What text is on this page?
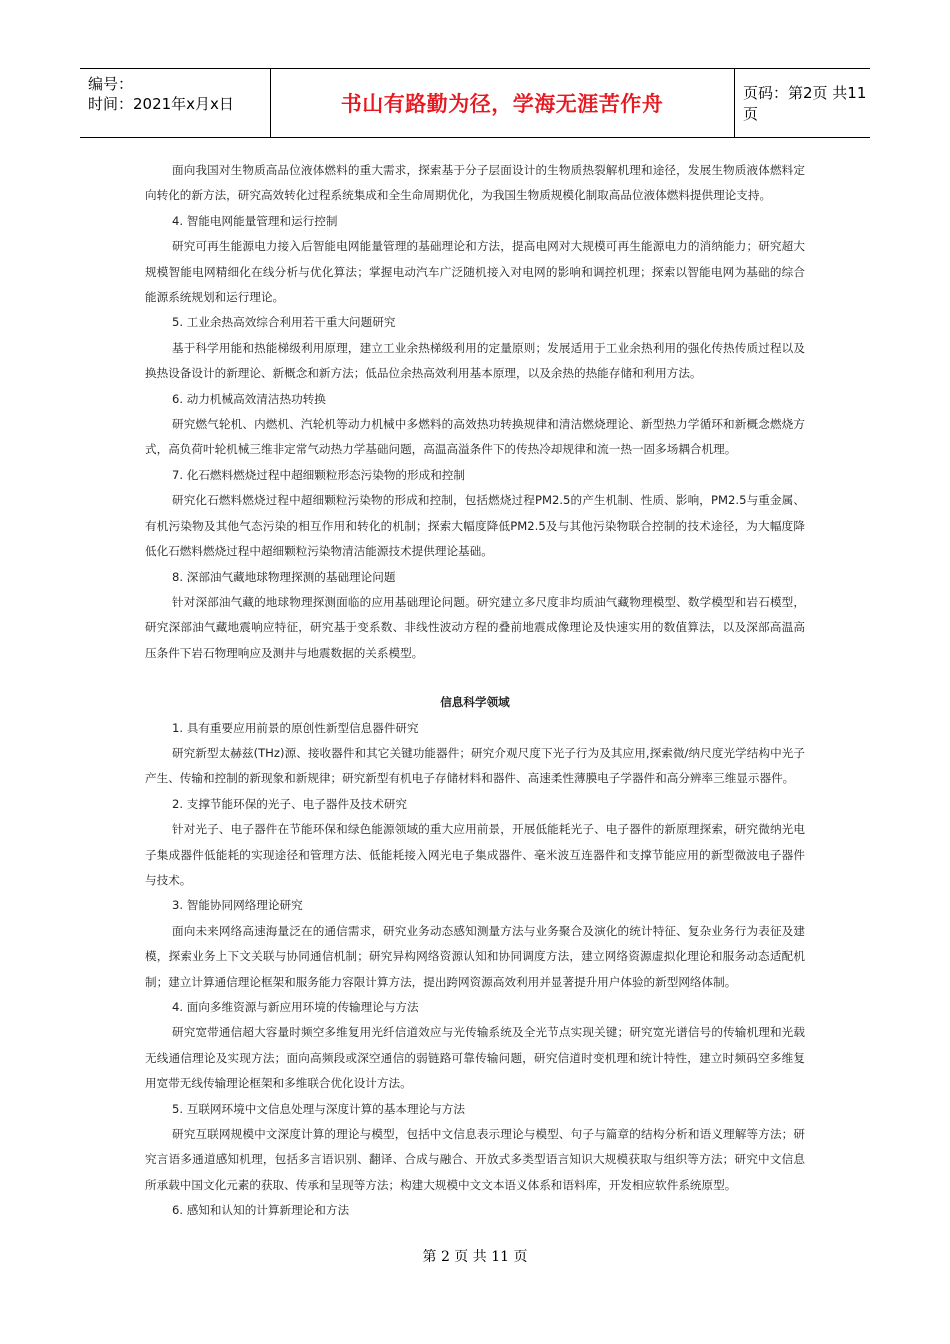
编号：
时间：2021年x月x日	书山有路勤为径，学海无涯苦作舟	页码：第2页 共11页
面向我国对生物质高品位液体燃料的重大需求，探索基于分子层面设计的生物质热裂解机理和途径，发展生物质液体燃料定向转化的新方法，研究高效转化过程系统集成和全生命周期优化，为我国生物质规模化制取高品位液体燃料提供理论支持。
4. 智能电网能量管理和运行控制
研究可再生能源电力接入后智能电网能量管理的基础理论和方法，提高电网对大规模可再生能源电力的消纳能力；研究超大规模智能电网精细化在线分析与优化算法；掌握电动汽车广泛随机接入对电网的影响和调控机理；探索以智能电网为基础的综合能源系统规划和运行理论。
5. 工业余热高效综合利用若干重大问题研究
基于科学用能和热能梯级利用原理，建立工业余热梯级利用的定量原则；发展适用于工业余热利用的强化传热传质过程以及换热设备设计的新理论、新概念和新方法；低品位余热高效利用基本原理，以及余热的热能存储和利用方法。
6. 动力机械高效清洁热功转换
研究燃气轮机、内燃机、汽轮机等动力机械中多燃料的高效热功转换规律和清洁燃烧理论、新型热力学循环和新概念燃烧方式，高负荷叶轮机械三维非定常气动热力学基础问题，高温高溢条件下的传热冷却规律和流一热一固多场耦合机理。
7. 化石燃料燃烧过程中超细颗粒形态污染物的形成和控制
研究化石燃料燃烧过程中超细颗粒污染物的形成和控制，包括燃烧过程PM2.5的产生机制、性质、影响，PM2.5与重金属、有机污染物及其他气态污染的相互作用和转化的机制；探索大幅度降低PM2.5及与其他污染物联合控制的技术途径，为大幅度降低化石燃料燃烧过程中超细颗粒污染物清洁能源技术提供理论基础。
8. 深部油气藏地球物理探测的基础理论问题
针对深部油气藏的地球物理探测面临的应用基础理论问题。研究建立多尺度非均质油气藏物理模型、数学模型和岩石模型，研究深部油气藏地震响应特征，研究基于变系数、非线性波动方程的叠前地震成像理论及快速实用的数值算法，以及深部高温高压条件下岩石物理响应及测井与地震数据的关系模型。
信息科学领域
1. 具有重要应用前景的原创性新型信息器件研究
研究新型太赫兹(THz)源、接收器件和其它关键功能器件；研究介观尺度下光子行为及其应用,探索微/纳尺度光学结构中光子产生、传输和控制的新现象和新规律；研究新型有机电子存储材料和器件、高速柔性薄膜电子学器件和高分辨率三维显示器件。
2. 支撑节能环保的光子、电子器件及技术研究
针对光子、电子器件在节能环保和绿色能源领域的重大应用前景，开展低能耗光子、电子器件的新原理探索，研究微纳光电子集成器件低能耗的实现途径和管理方法、低能耗接入网光电子集成器件、毫米波互连器件和支撑节能应用的新型微波电子器件与技术。
3. 智能协同网络理论研究
面向未来网络高速海量泛在的通信需求，研究业务动态感知测量方法与业务聚合及演化的统计特征、复杂业务行为表征及建模，探索业务上下文关联与协同通信机制；研究异构网络资源认知和协同调度方法，建立网络资源虚拟化理论和服务动态适配机制；建立计算通信理论框架和服务能力容限计算方法，提出跨网资源高效利用并显著提升用户体验的新型网络体制。
4. 面向多维资源与新应用环境的传输理论与方法
研究宽带通信超大容量时频空多维复用光纤信道效应与光传输系统及全光节点实现关键；研究宽光谱信号的传输机理和光载无线通信理论及实现方法；面向高频段或深空通信的弱链路可靠传输问题，研究信道时变机理和统计特性，建立时频码空多维复用宽带无线传输理论框架和多维联合优化设计方法。
5. 互联网环境中文信息处理与深度计算的基本理论与方法
研究互联网规模中文深度计算的理论与模型，包括中文信息表示理论与模型、句子与篇章的结构分析和语义理解等方法；研究言语多通道感知机理，包括多言语识别、翻译、合成与融合、开放式多类型语言知识大规模获取与组织等方法；研究中文信息所承载中国文化元素的获取、传承和呈现等方法；构建大规模中文文本语义体系和语料库，开发相应软件系统原型。
6. 感知和认知的计算新理论和方法
第 2 页 共 11 页
